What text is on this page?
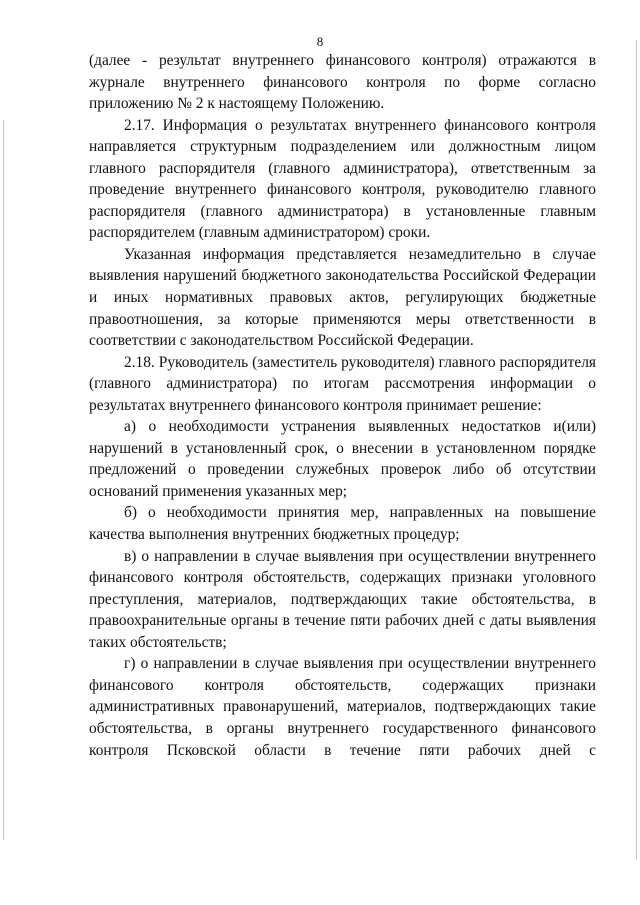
8

(далее - результат внутреннего финансового контроля) отражаются в журнале внутреннего финансового контроля по форме согласно приложению № 2 к настоящему Положению.

2.17. Информация о результатах внутреннего финансового контроля направляется структурным подразделением или должностным лицом главного распорядителя (главного администратора), ответственным за проведение внутреннего финансового контроля, руководителю главного распорядителя (главного администратора) в установленные главным распорядителем (главным администратором) сроки.

Указанная информация представляется незамедлительно в случае выявления нарушений бюджетного законодательства Российской Федерации и иных нормативных правовых актов, регулирующих бюджетные правоотношения, за которые применяются меры ответственности в соответствии с законодательством Российской Федерации.

2.18. Руководитель (заместитель руководителя) главного распорядителя (главного администратора) по итогам рассмотрения информации о результатах внутреннего финансового контроля принимает решение:

а) о необходимости устранения выявленных недостатков и(или) нарушений в установленный срок, о внесении в установленном порядке предложений о проведении служебных проверок либо об отсутствии оснований применения указанных мер;

б) о необходимости принятия мер, направленных на повышение качества выполнения внутренних бюджетных процедур;

в) о направлении в случае выявления при осуществлении внутреннего финансового контроля обстоятельств, содержащих признаки уголовного преступления, материалов, подтверждающих такие обстоятельства, в правоохранительные органы в течение пяти рабочих дней с даты выявления таких обстоятельств;

г) о направлении в случае выявления при осуществлении внутреннего финансового контроля обстоятельств, содержащих признаки административных правонарушений, материалов, подтверждающих такие обстоятельства, в органы внутреннего государственного финансового контроля Псковской области в течение пяти рабочих дней с
